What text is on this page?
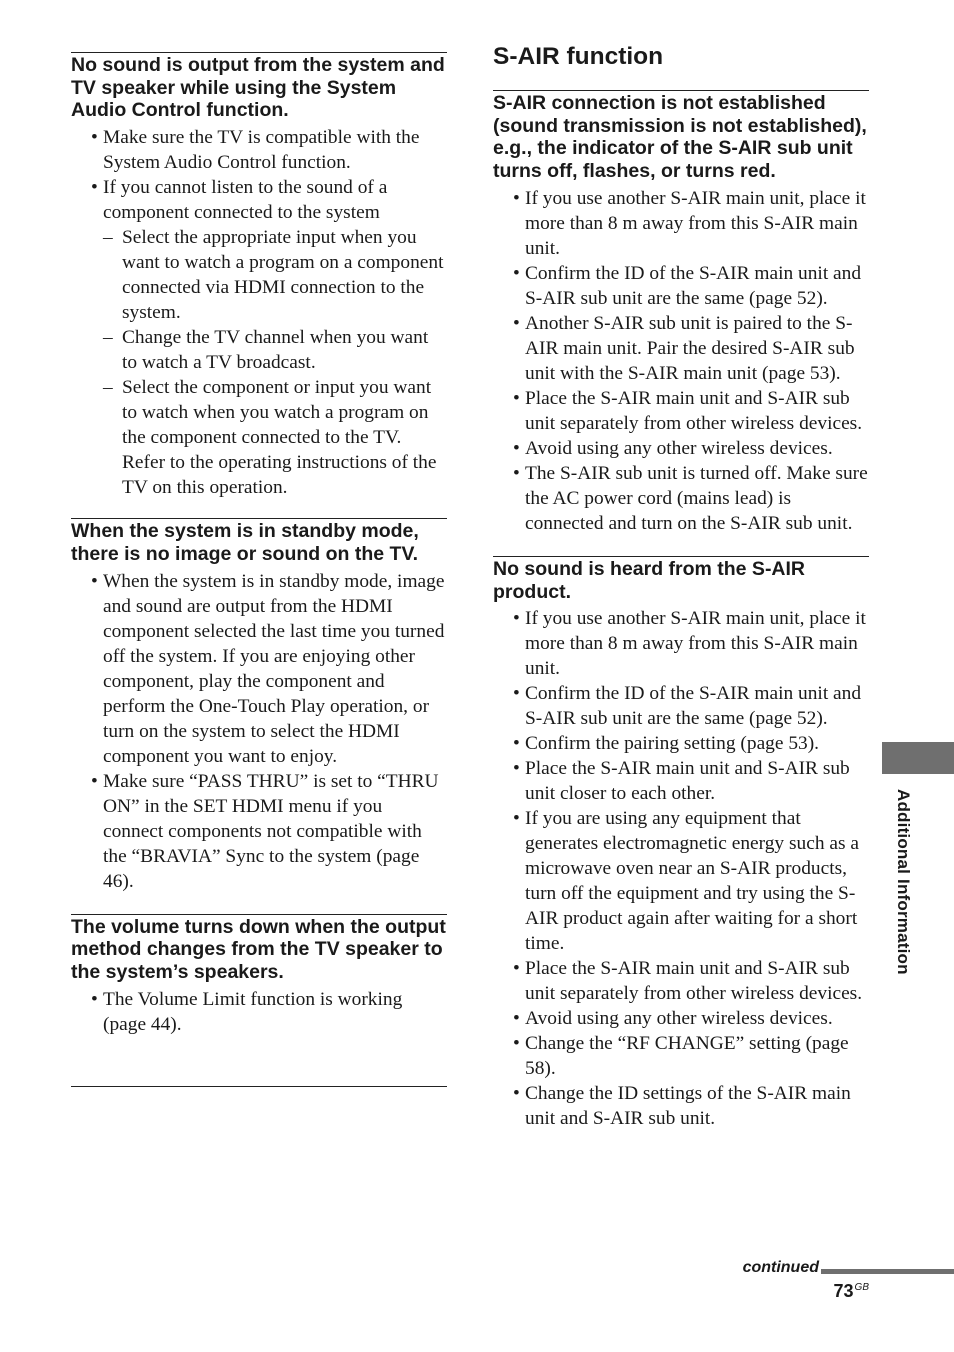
No sound is output from the system and TV speaker while using the System Audio Control function.
• Make sure the TV is compatible with the System Audio Control function.
• If you cannot listen to the sound of a component connected to the system
– Select the appropriate input when you want to watch a program on a component connected via HDMI connection to the system.
– Change the TV channel when you want to watch a TV broadcast.
– Select the component or input you want to watch when you watch a program on the component connected to the TV. Refer to the operating instructions of the TV on this operation.
When the system is in standby mode, there is no image or sound on the TV.
• When the system is in standby mode, image and sound are output from the HDMI component selected the last time you turned off the system. If you are enjoying other component, play the component and perform the One-Touch Play operation, or turn on the system to select the HDMI component you want to enjoy.
• Make sure “PASS THRU” is set to “THRU ON” in the SET HDMI menu if you connect components not compatible with the “BRAVIA” Sync to the system (page 46).
The volume turns down when the output method changes from the TV speaker to the system’s speakers.
• The Volume Limit function is working (page 44).
S-AIR function
S-AIR connection is not established (sound transmission is not established), e.g., the indicator of the S-AIR sub unit turns off, flashes, or turns red.
• If you use another S-AIR main unit, place it more than 8 m away from this S-AIR main unit.
• Confirm the ID of the S-AIR main unit and S-AIR sub unit are the same (page 52).
• Another S-AIR sub unit is paired to the S-AIR main unit. Pair the desired S-AIR sub unit with the S-AIR main unit (page 53).
• Place the S-AIR main unit and S-AIR sub unit separately from other wireless devices.
• Avoid using any other wireless devices.
• The S-AIR sub unit is turned off. Make sure the AC power cord (mains lead) is connected and turn on the S-AIR sub unit.
No sound is heard from the S-AIR product.
• If you use another S-AIR main unit, place it more than 8 m away from this S-AIR main unit.
• Confirm the ID of the S-AIR main unit and S-AIR sub unit are the same (page 52).
• Confirm the pairing setting (page 53).
• Place the S-AIR main unit and S-AIR sub unit closer to each other.
• If you are using any equipment that generates electromagnetic energy such as a microwave oven near an S-AIR products, turn off the equipment and try using the S-AIR product again after waiting for a short time.
• Place the S-AIR main unit and S-AIR sub unit separately from other wireless devices.
• Avoid using any other wireless devices.
• Change the “RF CHANGE” setting (page 58).
• Change the ID settings of the S-AIR main unit and S-AIR sub unit.
Additional Information
continued
$73^{GB}$
